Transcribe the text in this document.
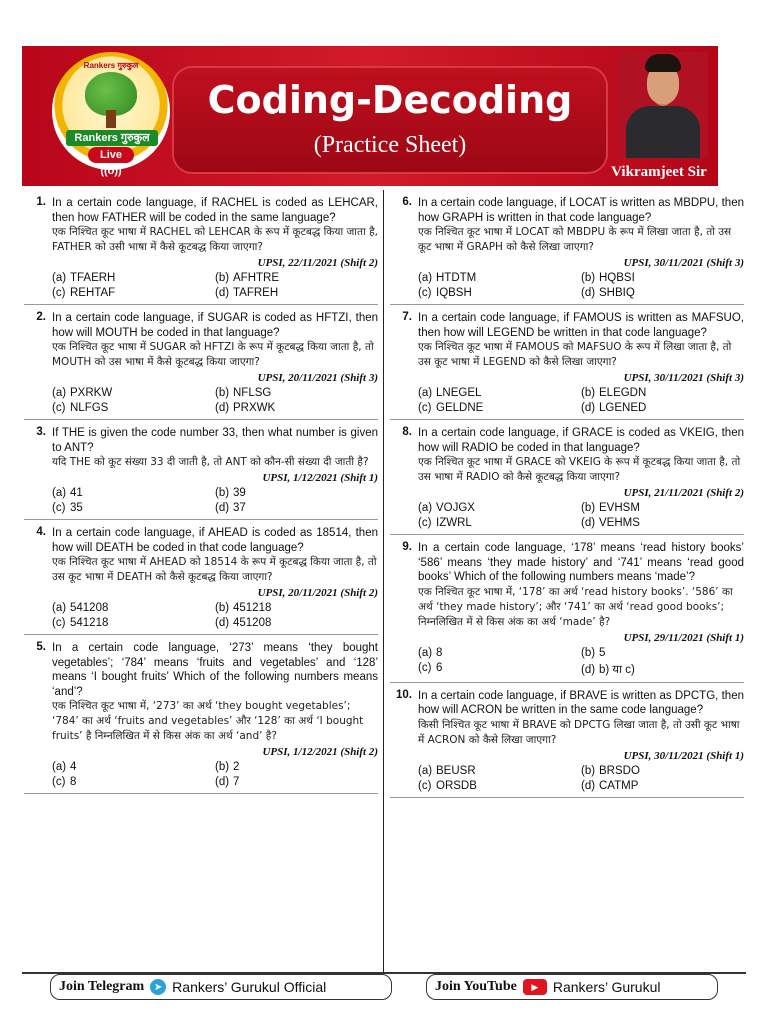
Rankers गुरुकुल
Rankers गुरुकुल
Live ((o))
Coding-Decoding
(Practice Sheet)
Vikramjeet Sir
1. In a certain code language, if RACHEL is coded as LEHCAR, then how FATHER will be coded in the same language?
एक निश्चित कूट भाषा में RACHEL को LEHCAR के रूप में कूटबद्ध किया जाता है, FATHER को उसी भाषा में कैसे कूटबद्ध किया जाएगा?
UPSI, 22/11/2021 (Shift 2)
(a) TFAERH	(b) AFHTRE
(c) REHTAF	(d) TAFREH
2. In a certain code language, if SUGAR is coded as HFTZI, then how will MOUTH be coded in that language?
एक निश्चित कूट भाषा में SUGAR को HFTZI के रूप में कूटबद्ध किया जाता है, तो MOUTH को उस भाषा में कैसे कूटबद्ध किया जाएगा?
UPSI, 20/11/2021 (Shift 3)
(a) PXRKW	(b) NFLSG
(c) NLFGS	(d) PRXWK
3. If THE is given the code number 33, then what number is given to ANT?
यदि THE को कूट संख्या 33 दी जाती है, तो ANT को कौन-सी संख्या दी जाती है?
UPSI, 1/12/2021 (Shift 1)
(a) 41	(b) 39
(c) 35	(d) 37
4. In a certain code language, if AHEAD is coded as 18514, then how will DEATH be coded in that code language?
एक निश्चित कूट भाषा में AHEAD को 18514 के रूप में कूटबद्ध किया जाता है, तो उस कूट भाषा में DEATH को कैसे कूटबद्ध किया जाएगा?
UPSI, 20/11/2021 (Shift 2)
(a) 541208	(b) 451218
(c) 541218	(d) 451208
5. In a certain code language, ‘273’ means ‘they bought vegetables’; ‘784’ means ‘fruits and vegetables’ and ‘128’ means ‘I bought fruits’ Which of the following numbers means ‘and’?
एक निश्चित कूट भाषा में, ‘273’ का अर्थ ‘they bought vegetables’; ‘784’ का अर्थ ‘fruits and vegetables’ और ‘128’ का अर्थ ‘I bought fruits’ है निम्नलिखित में से किस अंक का अर्थ ‘and’ है?
UPSI, 1/12/2021 (Shift 2)
(a) 4	(b) 2
(c) 8	(d) 7
6. In a certain code language, if LOCAT is written as MBDPU, then how GRAPH is written in that code language?
एक निश्चित कूट भाषा में LOCAT को MBDPU के रूप में लिखा जाता है, तो उस कूट भाषा में GRAPH को कैसे लिखा जाएगा?
UPSI, 30/11/2021 (Shift 3)
(a) HTDTM	(b) HQBSI
(c) IQBSH	(d) SHBIQ
7. In a certain code language, if FAMOUS is written as MAFSUO, then how will LEGEND be written in that code language?
एक निश्चित कूट भाषा में FAMOUS को MAFSUO के रूप में लिखा जाता है, तो उस कूट भाषा में LEGEND को कैसे लिखा जाएगा?
UPSI, 30/11/2021 (Shift 3)
(a) LNEGEL	(b) ELEGDN
(c) GELDNE	(d) LGENED
8. In a certain code language, if GRACE is coded as VKEIG, then how will RADIO be coded in that language?
एक निश्चित कूट भाषा में GRACE को VKEIG के रूप में कूटबद्ध किया जाता है, तो उस भाषा में RADIO को कैसे कूटबद्ध किया जाएगा?
UPSI, 21/11/2021 (Shift 2)
(a) VOJGX	(b) EVHSM
(c) IZWRL	(d) VEHMS
9. In a certain code language, ‘178’ means ‘read history books’ ‘586’ means ‘they made history’ and ‘741’ means ‘read good books’ Which of the following numbers means ‘made’?
एक निश्चित कूट भाषा में, ‘178’ का अर्थ ‘read history books’. ‘586’ का अर्थ ‘they made history’; और ‘741’ का अर्थ ‘read good books’; निम्नलिखित में से किस अंक का अर्थ ‘made’ है?
UPSI, 29/11/2021 (Shift 1)
(a) 8	(b) 5
(c) 6	(d) b) या c)
10. In a certain code language, if BRAVE is written as DPCTG, then how will ACRON be written in the same code language?
किसी निश्चित कूट भाषा में BRAVE को DPCTG लिखा जाता है, तो उसी कूट भाषा में ACRON को कैसे लिखा जाएगा?
UPSI, 30/11/2021 (Shift 1)
(a) BEUSR	(b) BRSDO
(c) ORSDB	(d) CATMP
Join Telegram ➤ Rankers’ Gurukul Official	Join YouTube	▶	Rankers’ Gurukul
